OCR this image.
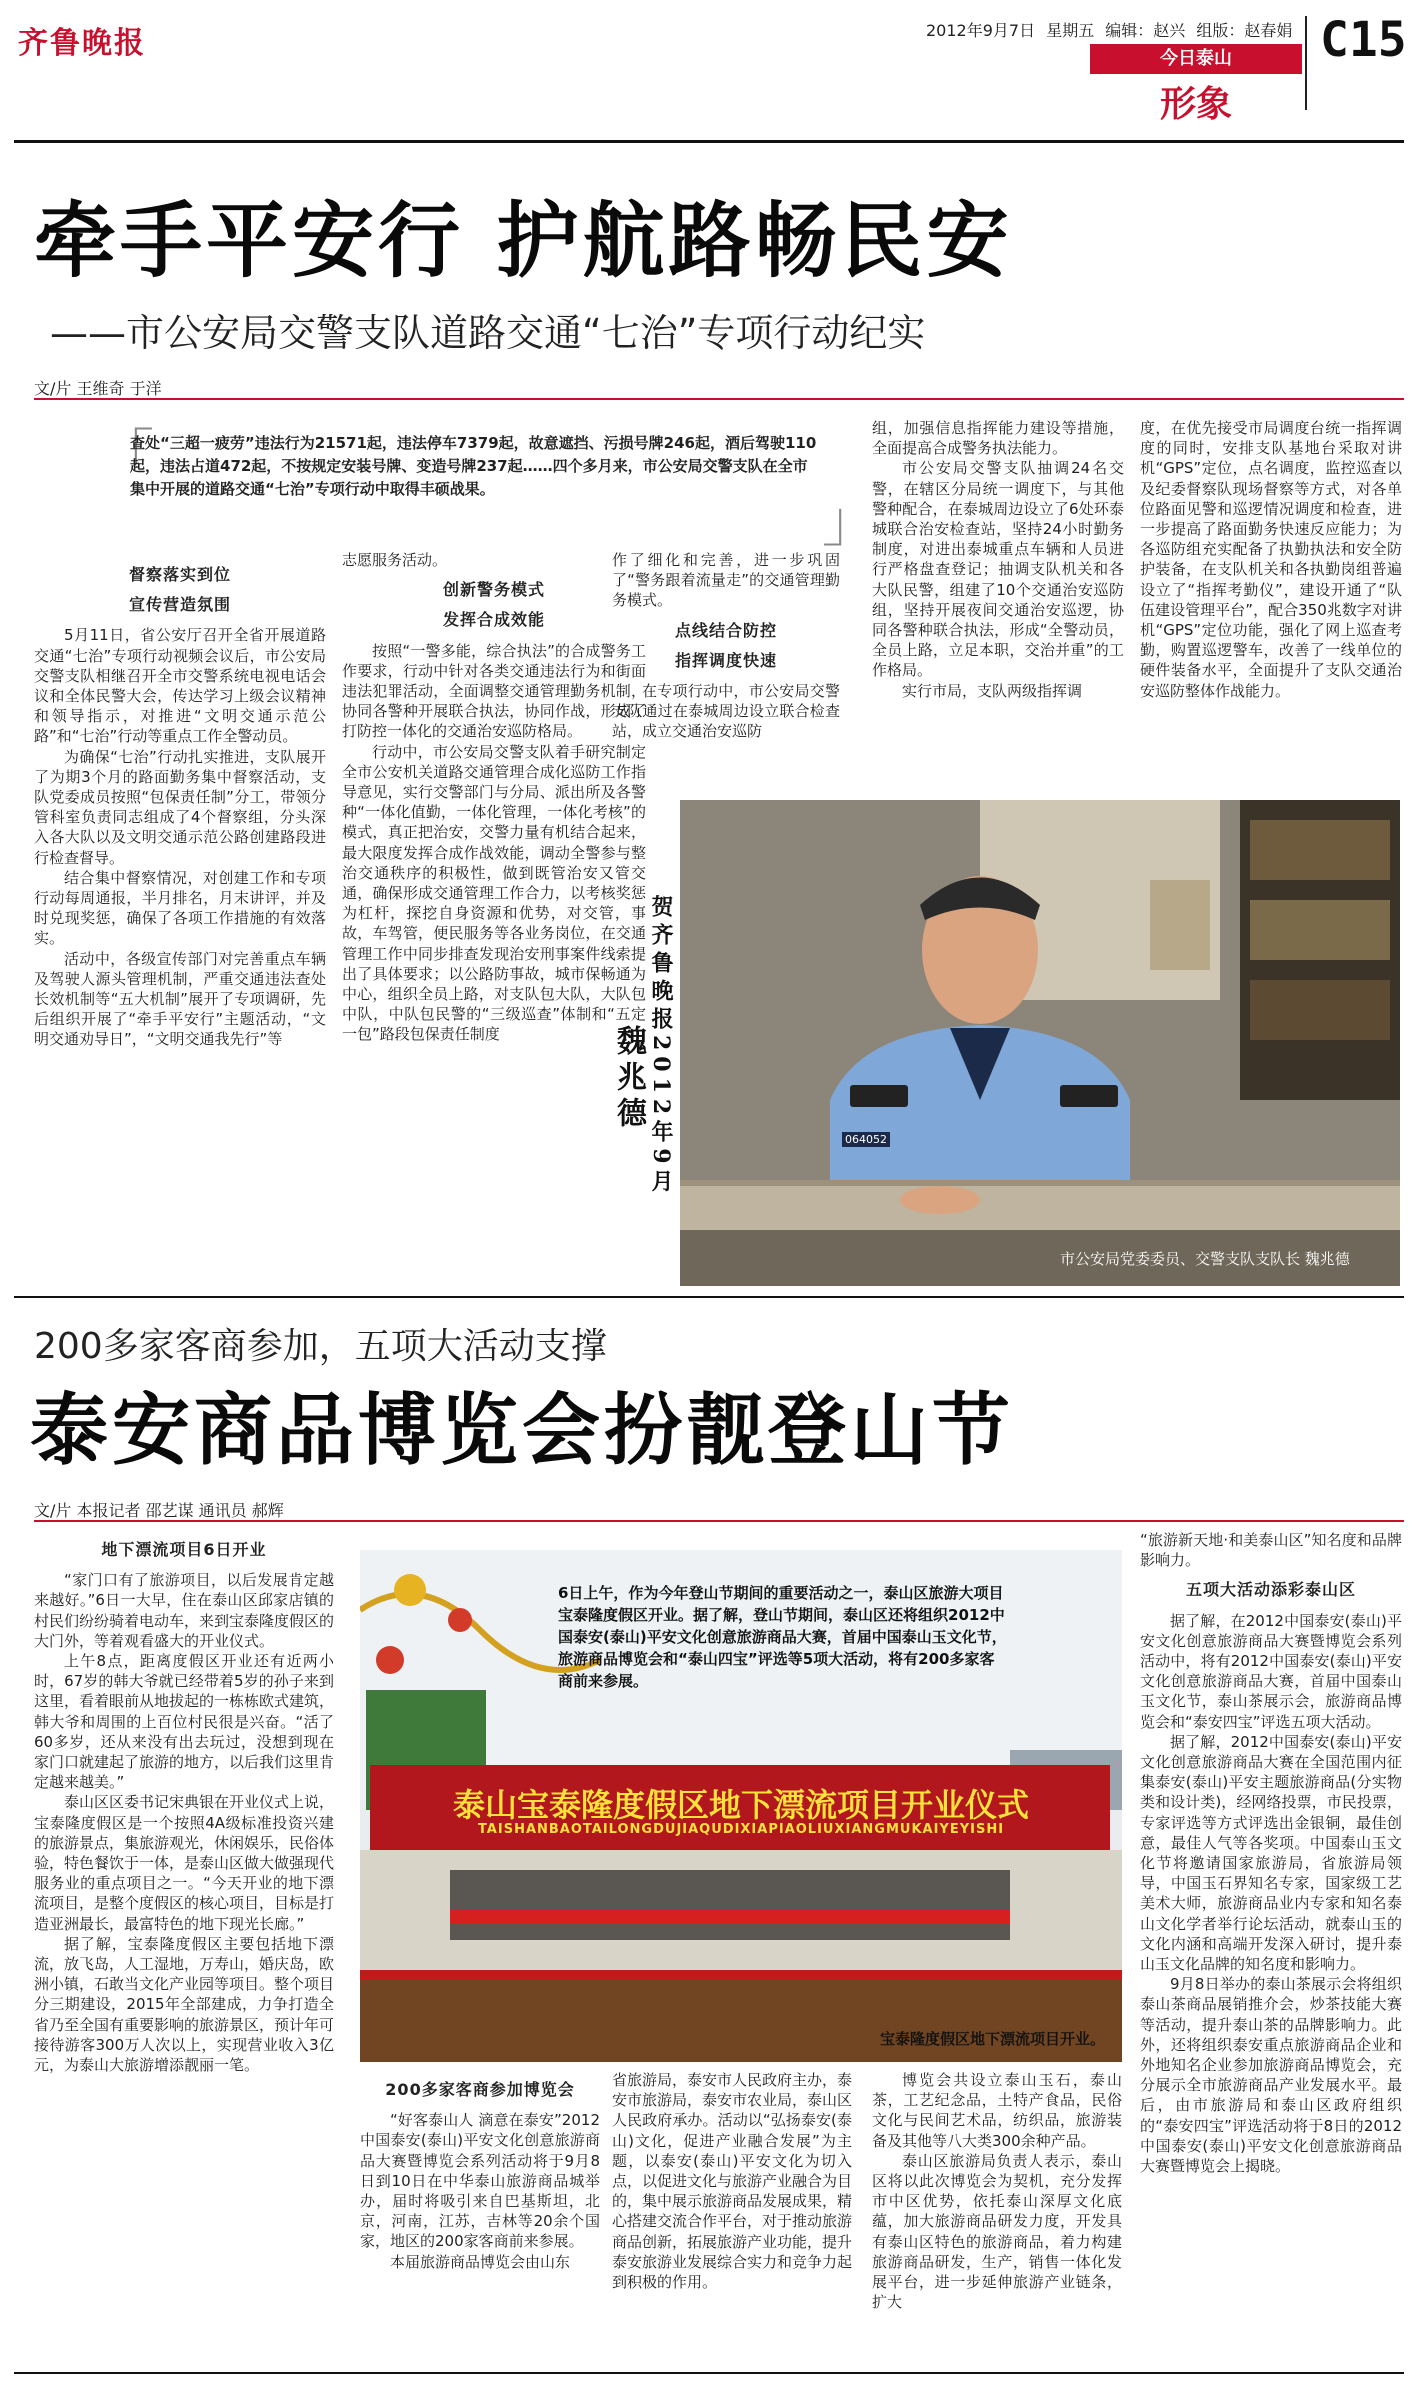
齐鲁晚报	2012年9月7日 星期五 编辑：赵兴 组版：赵春娟
今日泰山
形象
C15
牵手平安行 护航路畅民安
——市公安局交警支队道路交通“七治”专项行动纪实
文/片 王维奇 于洋
「
查处“三超一疲劳”违法行为21571起，违法停车7379起，故意遮挡、污损号牌246起，酒后驾驶110起，违法占道472起，不按规定安装号牌、变造号牌237起……四个多月来，市公安局交警支队在全市集中开展的道路交通“七治”专项行动中取得丰硕战果。
」
督察落实到位
宣传营造氛围

5月11日，省公安厅召开全省开展道路交通“七治”专项行动视频会议后，市公安局交警支队相继召开全市交警系统电视电话会议和全体民警大会，传达学习上级会议精神和领导指示，对推进“文明交通示范公路”和“七治”行动等重点工作全警动员。

为确保“七治”行动扎实推进，支队展开了为期3个月的路面勤务集中督察活动，支队党委成员按照“包保责任制”分工，带领分管科室负责同志组成了4个督察组，分头深入各大队以及文明交通示范公路创建路段进行检查督导。

结合集中督察情况，对创建工作和专项行动每周通报，半月排名，月末讲评，并及时兑现奖惩，确保了各项工作措施的有效落实。

活动中，各级宣传部门对完善重点车辆及驾驶人源头管理机制，严重交通违法查处长效机制等“五大机制”展开了专项调研，先后组织开展了“牵手平安行”主题活动，“文明交通劝导日”，“文明交通我先行”等

志愿服务活动。

创新警务模式
发挥合成效能

按照“一警多能，综合执法”的合成警务工作要求，行动中针对各类交通违法行为和街面违法犯罪活动，全面调整交通管理勤务机制，协同各警种开展联合执法，协同作战，形成了打防控一体化的交通治安巡防格局。

行动中，市公安局交警支队着手研究制定全市公安机关道路交通管理合成化巡防工作指导意见，实行交警部门与分局、派出所及各警种“一体化值勤，一体化管理，一体化考核”的模式，真正把治安，交警力量有机结合起来，最大限度发挥合成作战效能，调动全警参与整治交通秩序的积极性，做到既管治安又管交通，确保形成交通管理工作合力，以考核奖惩为杠杆，探挖自身资源和优势，对交管，事故，车驾管，便民服务等各业务岗位，在交通管理工作中同步排查发现治安刑事案件线索提出了具体要求；以公路防事故，城市保畅通为中心，组织全员上路，对支队包大队，大队包中队，中队包民警的“三级巡查”体制和“五定一包”路段包保责任制度

作了细化和完善，进一步巩固了“警务跟着流量走”的交通管理勤务模式。

点线结合防控
指挥调度快速

在专项行动中，市公安局交警支队通过在泰城周边设立联合检查站，成立交通治安巡防

组，加强信息指挥能力建设等措施，全面提高合成警务执法能力。

市公安局交警支队抽调24名交警，在辖区分局统一调度下，与其他警种配合，在泰城周边设立了6处环泰城联合治安检查站，坚持24小时勤务制度，对进出泰城重点车辆和人员进行严格盘查登记；抽调支队机关和各大队民警，组建了10个交通治安巡防组，坚持开展夜间交通治安巡逻，协同各警种联合执法，形成“全警动员，全员上路，立足本职，交治并重”的工作格局。

实行市局，支队两级指挥调

度，在优先接受市局调度台统一指挥调度的同时，安排支队基地台采取对讲机“GPS”定位，点名调度，监控巡查以及纪委督察队现场督察等方式，对各单位路面见警和巡逻情况调度和检查，进一步提高了路面勤务快速反应能力；为各巡防组充实配备了执勤执法和安全防护装备，在支队机关和各执勤岗组普遍设立了“指挥考勤仪”，建设开通了“队伍建设管理平台”，配合350兆数字对讲机“GPS”定位功能，强化了网上巡查考勤，购置巡逻警车，改善了一线单位的硬件装备水平，全面提升了支队交通治安巡防整体作战能力。

贺齐鲁晚报2012年9月
魏兆德
064052
市公安局党委委员、交警支队支队长 魏兆德
200多家客商参加，五项大活动支撑
泰安商品博览会扮靓登山节
文/片 本报记者 邵艺谋 通讯员 郝辉
地下漂流项目6日开业

“家门口有了旅游项目，以后发展肯定越来越好。”6日一大早，住在泰山区邱家店镇的村民们纷纷骑着电动车，来到宝泰隆度假区的大门外，等着观看盛大的开业仪式。

上午8点，距离度假区开业还有近两小时，67岁的韩大爷就已经带着5岁的孙子来到这里，看着眼前从地拔起的一栋栋欧式建筑，韩大爷和周围的上百位村民很是兴奋。“活了60多岁，还从来没有出去玩过，没想到现在家门口就建起了旅游的地方，以后我们这里肯定越来越美。”

泰山区区委书记宋典银在开业仪式上说，宝泰隆度假区是一个按照4A级标准投资兴建的旅游景点，集旅游观光，休闲娱乐，民俗体验，特色餐饮于一体，是泰山区做大做强现代服务业的重点项目之一。“今天开业的地下漂流项目，是整个度假区的核心项目，目标是打造亚洲最长，最富特色的地下现光长廊。”

据了解，宝泰隆度假区主要包括地下漂流，放飞岛，人工湿地，万寿山，婚庆岛，欧洲小镇，石敢当文化产业园等项目。整个项目分三期建设，2015年全部建成，力争打造全省乃至全国有重要影响的旅游景区，预计年可接待游客300万人次以上，实现营业收入3亿元，为泰山大旅游增添靓丽一笔。

泰山宝泰隆度假区地下漂流项目开业仪式
TAISHANBAOTAILONGDUJIAQUDIXIAPIAOLIUXIANGMUKAIYEYISHI
6日上午，作为今年登山节期间的重要活动之一，泰山区旅游大项目宝泰隆度假区开业。据了解，登山节期间，泰山区还将组织2012中国泰安(泰山)平安文化创意旅游商品大赛，首届中国泰山玉文化节，旅游商品博览会和“泰山四宝”评选等5项大活动，将有200多家客商前来参展。
宝泰隆度假区地下漂流项目开业。
200多家客商参加博览会

“好客泰山人 滴意在泰安”2012中国泰安(泰山)平安文化创意旅游商品大赛暨博览会系列活动将于9月8日到10日在中华泰山旅游商品城举办，届时将吸引来自巴基斯坦，北京，河南，江苏，吉林等20余个国家，地区的200家客商前来参展。

本届旅游商品博览会由山东

省旅游局，泰安市人民政府主办，泰安市旅游局，泰安市农业局，泰山区人民政府承办。活动以“弘扬泰安(泰山)文化，促进产业融合发展”为主题，以泰安(泰山)平安文化为切入点，以促进文化与旅游产业融合为目的，集中展示旅游商品发展成果，精心搭建交流合作平台，对于推动旅游商品创新，拓展旅游产业功能，提升泰安旅游业发展综合实力和竞争力起到积极的作用。

博览会共设立泰山玉石，泰山茶，工艺纪念品，土特产食品，民俗文化与民间艺术品，纺织品，旅游装备及其他等八大类300余种产品。

泰山区旅游局负责人表示，泰山区将以此次博览会为契机，充分发挥市中区优势，依托泰山深厚文化底蕴，加大旅游商品研发力度，开发具有泰山区特色的旅游商品，着力构建旅游商品研发，生产，销售一体化发展平台，进一步延伸旅游产业链条，扩大

“旅游新天地·和美泰山区”知名度和品牌影响力。

五项大活动添彩泰山区

据了解，在2012中国泰安(泰山)平安文化创意旅游商品大赛暨博览会系列活动中，将有2012中国泰安(泰山)平安文化创意旅游商品大赛，首届中国泰山玉文化节，泰山茶展示会，旅游商品博览会和“泰安四宝”评选五项大活动。

据了解，2012中国泰安(泰山)平安文化创意旅游商品大赛在全国范围内征集泰安(泰山)平安主题旅游商品(分实物类和设计类)，经网络投票，市民投票，专家评选等方式评选出金银铜，最佳创意，最佳人气等各奖项。中国泰山玉文化节将邀请国家旅游局，省旅游局领导，中国玉石界知名专家，国家级工艺美术大师，旅游商品业内专家和知名泰山文化学者举行论坛活动，就泰山玉的文化内涵和高端开发深入研讨，提升泰山玉文化品牌的知名度和影响力。

9月8日举办的泰山茶展示会将组织泰山茶商品展销推介会，炒茶技能大赛等活动，提升泰山茶的品牌影响力。此外，还将组织泰安重点旅游商品企业和外地知名企业参加旅游商品博览会，充分展示全市旅游商品产业发展水平。最后，由市旅游局和泰山区政府组织的“泰安四宝”评选活动将于8日的2012中国泰安(泰山)平安文化创意旅游商品大赛暨博览会上揭晓。
